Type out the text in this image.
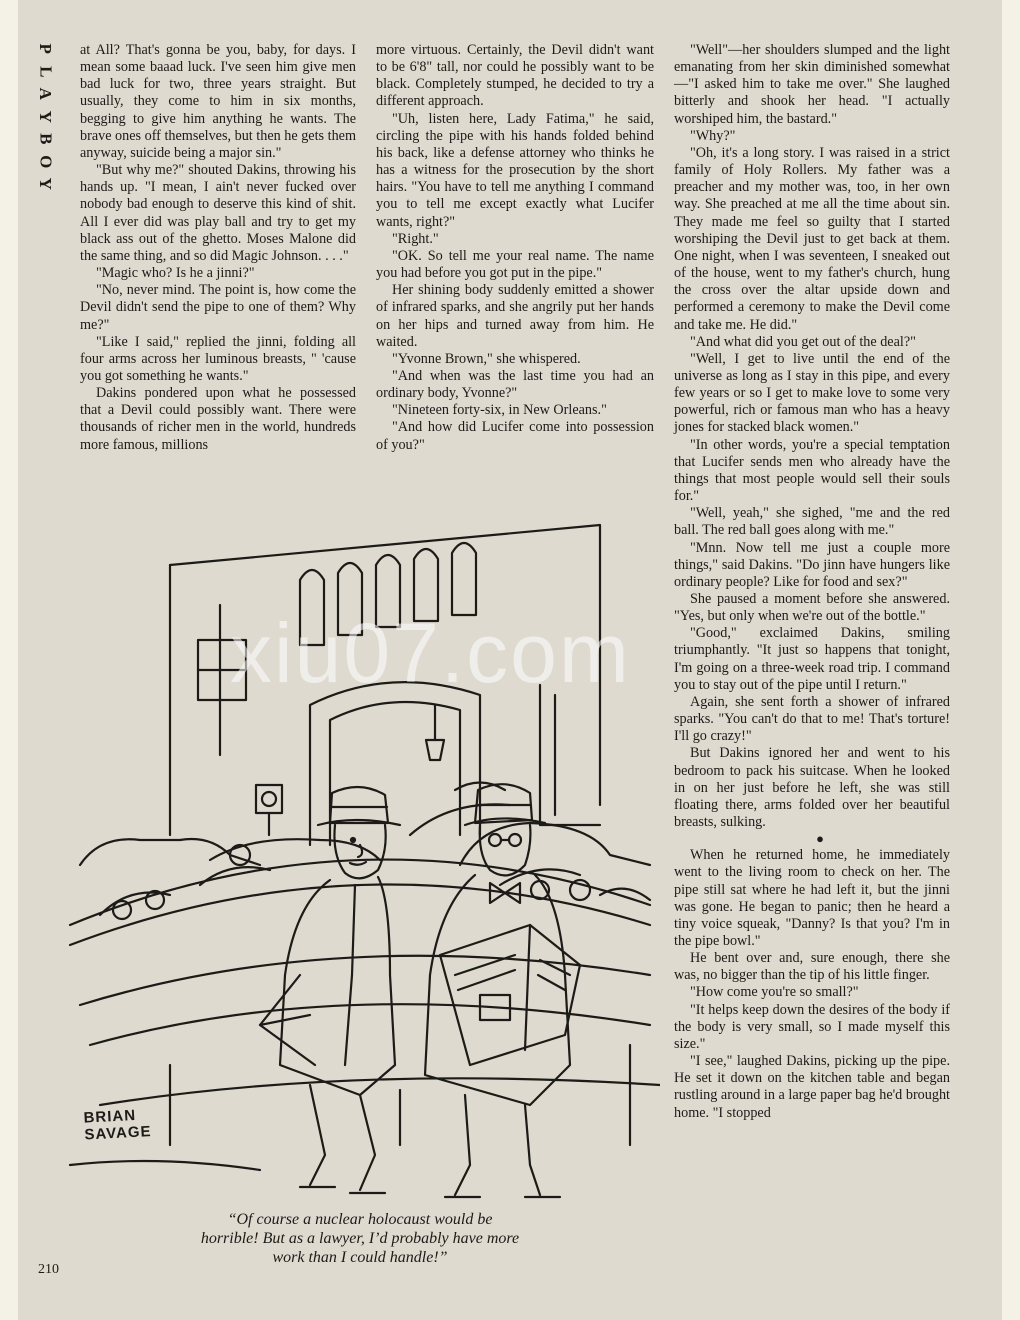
P
L
A
Y
B
O
Y

at All? That's gonna be you, baby, for days. I mean some baaad luck. I've seen him give men bad luck for two, three years straight. But usually, they come to him in six months, begging to give him anything he wants. The brave ones off themselves, but then he gets them anyway, suicide being a major sin."

"But why me?" shouted Dakins, throwing his hands up. "I mean, I ain't never fucked over nobody bad enough to deserve this kind of shit. All I ever did was play ball and try to get my black ass out of the ghetto. Moses Malone did the same thing, and so did Magic Johnson. . . ."

"Magic who? Is he a jinni?"

"No, never mind. The point is, how come the Devil didn't send the pipe to one of them? Why me?"

"Like I said," replied the jinni, folding all four arms across her luminous breasts, " 'cause you got something he wants."

Dakins pondered upon what he possessed that a Devil could possibly want. There were thousands of richer men in the world, hundreds more famous, millions

more virtuous. Certainly, the Devil didn't want to be 6'8" tall, nor could he possibly want to be black. Completely stumped, he decided to try a different approach.

"Uh, listen here, Lady Fatima," he said, circling the pipe with his hands folded behind his back, like a defense attorney who thinks he has a witness for the prosecution by the short hairs. "You have to tell me anything I command you to tell me except exactly what Lucifer wants, right?"

"Right."

"OK. So tell me your real name. The name you had before you got put in the pipe."

Her shining body suddenly emitted a shower of infrared sparks, and she angrily put her hands on her hips and turned away from him. He waited.

"Yvonne Brown," she whispered.

"And when was the last time you had an ordinary body, Yvonne?"

"Nineteen forty-six, in New Orleans."

"And how did Lucifer come into possession of you?"

"Well"—her shoulders slumped and the light emanating from her skin diminished somewhat—"I asked him to take me over." She laughed bitterly and shook her head. "I actually worshiped him, the bastard."

"Why?"

"Oh, it's a long story. I was raised in a strict family of Holy Rollers. My father was a preacher and my mother was, too, in her own way. She preached at me all the time about sin. They made me feel so guilty that I started worshiping the Devil just to get back at them. One night, when I was seventeen, I sneaked out of the house, went to my father's church, hung the cross over the altar upside down and performed a ceremony to make the Devil come and take me. He did."

"And what did you get out of the deal?"

"Well, I get to live until the end of the universe as long as I stay in this pipe, and every few years or so I get to make love to some very powerful, rich or famous man who has a heavy jones for stacked black women."

"In other words, you're a special temptation that Lucifer sends men who already have the things that most people would sell their souls for."

"Well, yeah," she sighed, "me and the red ball. The red ball goes along with me."

"Mnn. Now tell me just a couple more things," said Dakins. "Do jinn have hungers like ordinary people? Like for food and sex?"

She paused a moment before she answered. "Yes, but only when we're out of the bottle."

"Good," exclaimed Dakins, smiling triumphantly. "It just so happens that tonight, I'm going on a three-week road trip. I command you to stay out of the pipe until I return."

Again, she sent forth a shower of infrared sparks. "You can't do that to me! That's torture! I'll go crazy!"

But Dakins ignored her and went to his bedroom to pack his suitcase. When he looked in on her just before he left, she was still floating there, arms folded over her beautiful breasts, sulking.

●

When he returned home, he immediately went to the living room to check on her. The pipe still sat where he had left it, but the jinni was gone. He began to panic; then he heard a tiny voice squeak, "Danny? Is that you? I'm in the pipe bowl."

He bent over and, sure enough, there she was, no bigger than the tip of his little finger.

"How come you're so small?"

"It helps keep down the desires of the body if the body is very small, so I made myself this size."

"I see," laughed Dakins, picking up the pipe. He set it down on the kitchen table and began rustling around in a large paper bag he'd brought home. "I stopped

BRIAN SAVAGE
“Of course a nuclear holocaust would be
horrible! But as a lawyer, I’d probably have more
work than I could handle!”
210
xiu07.com
